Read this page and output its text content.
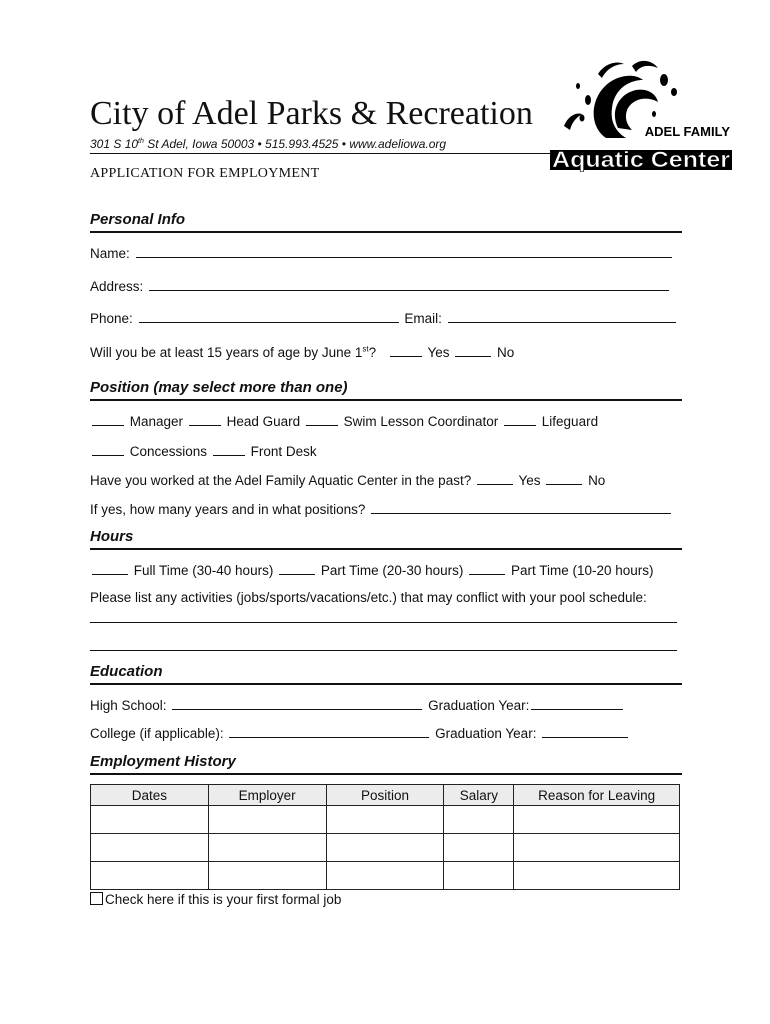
City of Adel Parks & Recreation
301 S 10th St Adel, Iowa 50003 • 515.993.4525 • www.adeliowa.org
APPLICATION FOR EMPLOYMENT
ADEL FAMILY
Aquatic Center
Personal Info
Name:
Address:
Phone:	Email:
Will you be at least 15 years of age by June 1st?	Yes	No
Position (may select more than one)
Manager	Head Guard	Swim Lesson Coordinator	Lifeguard
Concessions	Front Desk
Have you worked at the Adel Family Aquatic Center in the past?	Yes	No
If yes, how many years and in what positions?
Hours
Full Time (30-40 hours)	Part Time (20-30 hours)	Part Time (10-20 hours)
Please list any activities (jobs/sports/vacations/etc.) that may conflict with your pool schedule:
Education
High School:	Graduation Year:
College (if applicable):	Graduation Year:
Employment History
Dates	Employer	Position	Salary	Reason for Leaving

Check here if this is your first formal job
